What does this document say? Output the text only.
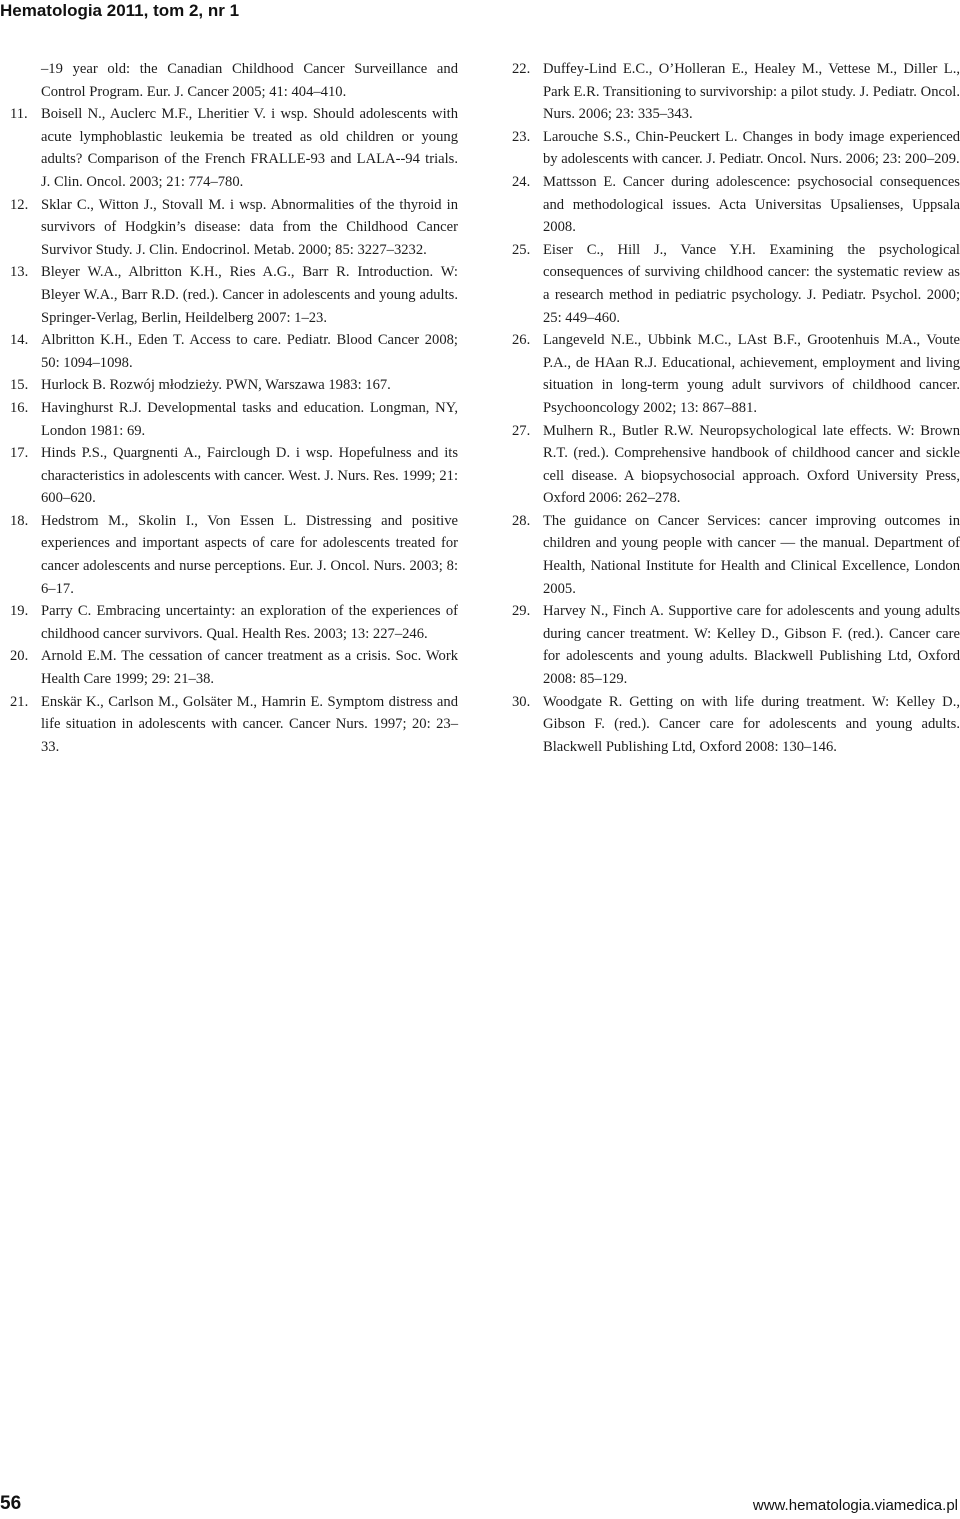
Hematologia 2011, tom 2, nr 1
–19 year old: the Canadian Childhood Cancer Surveillance and Control Program. Eur. J. Cancer 2005; 41: 404–410.
11. Boisell N., Auclerc M.F., Lheritier V. i wsp. Should adolescents with acute lymphoblastic leukemia be treated as old children or young adults? Comparison of the French FRALLE-93 and LALA--94 trials. J. Clin. Oncol. 2003; 21: 774–780.
12. Sklar C., Witton J., Stovall M. i wsp. Abnormalities of the thyroid in survivors of Hodgkin’s disease: data from the Childhood Cancer Survivor Study. J. Clin. Endocrinol. Metab. 2000; 85: 3227–3232.
13. Bleyer W.A., Albritton K.H., Ries A.G., Barr R. Introduction. W: Bleyer W.A., Barr R.D. (red.). Cancer in adolescents and young adults. Springer-Verlag, Berlin, Heildelberg 2007: 1–23.
14. Albritton K.H., Eden T. Access to care. Pediatr. Blood Cancer 2008; 50: 1094–1098.
15. Hurlock B. Rozwój młodzieży. PWN, Warszawa 1983: 167.
16. Havinghurst R.J. Developmental tasks and education. Longman, NY, London 1981: 69.
17. Hinds P.S., Quargnenti A., Fairclough D. i wsp. Hopefulness and its characteristics in adolescents with cancer. West. J. Nurs. Res. 1999; 21: 600–620.
18. Hedstrom M., Skolin I., Von Essen L. Distressing and positive experiences and important aspects of care for adolescents treated for cancer adolescents and nurse perceptions. Eur. J. Oncol. Nurs. 2003; 8: 6–17.
19. Parry C. Embracing uncertainty: an exploration of the experiences of childhood cancer survivors. Qual. Health Res. 2003; 13: 227–246.
20. Arnold E.M. The cessation of cancer treatment as a crisis. Soc. Work Health Care 1999; 29: 21–38.
21. Enskär K., Carlson M., Golsäter M., Hamrin E. Symptom distress and life situation in adolescents with cancer. Cancer Nurs. 1997; 20: 23–33.
22. Duffey-Lind E.C., O’Holleran E., Healey M., Vettese M., Diller L., Park E.R. Transitioning to survivorship: a pilot study. J. Pediatr. Oncol. Nurs. 2006; 23: 335–343.
23. Larouche S.S., Chin-Peuckert L. Changes in body image experienced by adolescents with cancer. J. Pediatr. Oncol. Nurs. 2006; 23: 200–209.
24. Mattsson E. Cancer during adolescence: psychosocial consequences and methodological issues. Acta Universitas Upsalienses, Uppsala 2008.
25. Eiser C., Hill J., Vance Y.H. Examining the psychological consequences of surviving childhood cancer: the systematic review as a research method in pediatric psychology. J. Pediatr. Psychol. 2000; 25: 449–460.
26. Langeveld N.E., Ubbink M.C., LAst B.F., Grootenhuis M.A., Voute P.A., de HAan R.J. Educational, achievement, employment and living situation in long-term young adult survivors of childhood cancer. Psychooncology 2002; 13: 867–881.
27. Mulhern R., Butler R.W. Neuropsychological late effects. W: Brown R.T. (red.). Comprehensive handbook of childhood cancer and sickle cell disease. A biopsychosocial approach. Oxford University Press, Oxford 2006: 262–278.
28. The guidance on Cancer Services: cancer improving outcomes in children and young people with cancer — the manual. Department of Health, National Institute for Health and Clinical Excellence, London 2005.
29. Harvey N., Finch A. Supportive care for adolescents and young adults during cancer treatment. W: Kelley D., Gibson F. (red.). Cancer care for adolescents and young adults. Blackwell Publishing Ltd, Oxford 2008: 85–129.
30. Woodgate R. Getting on with life during treatment. W: Kelley D., Gibson F. (red.). Cancer care for adolescents and young adults. Blackwell Publishing Ltd, Oxford 2008: 130–146.
56	www.hematologia.viamedica.pl
